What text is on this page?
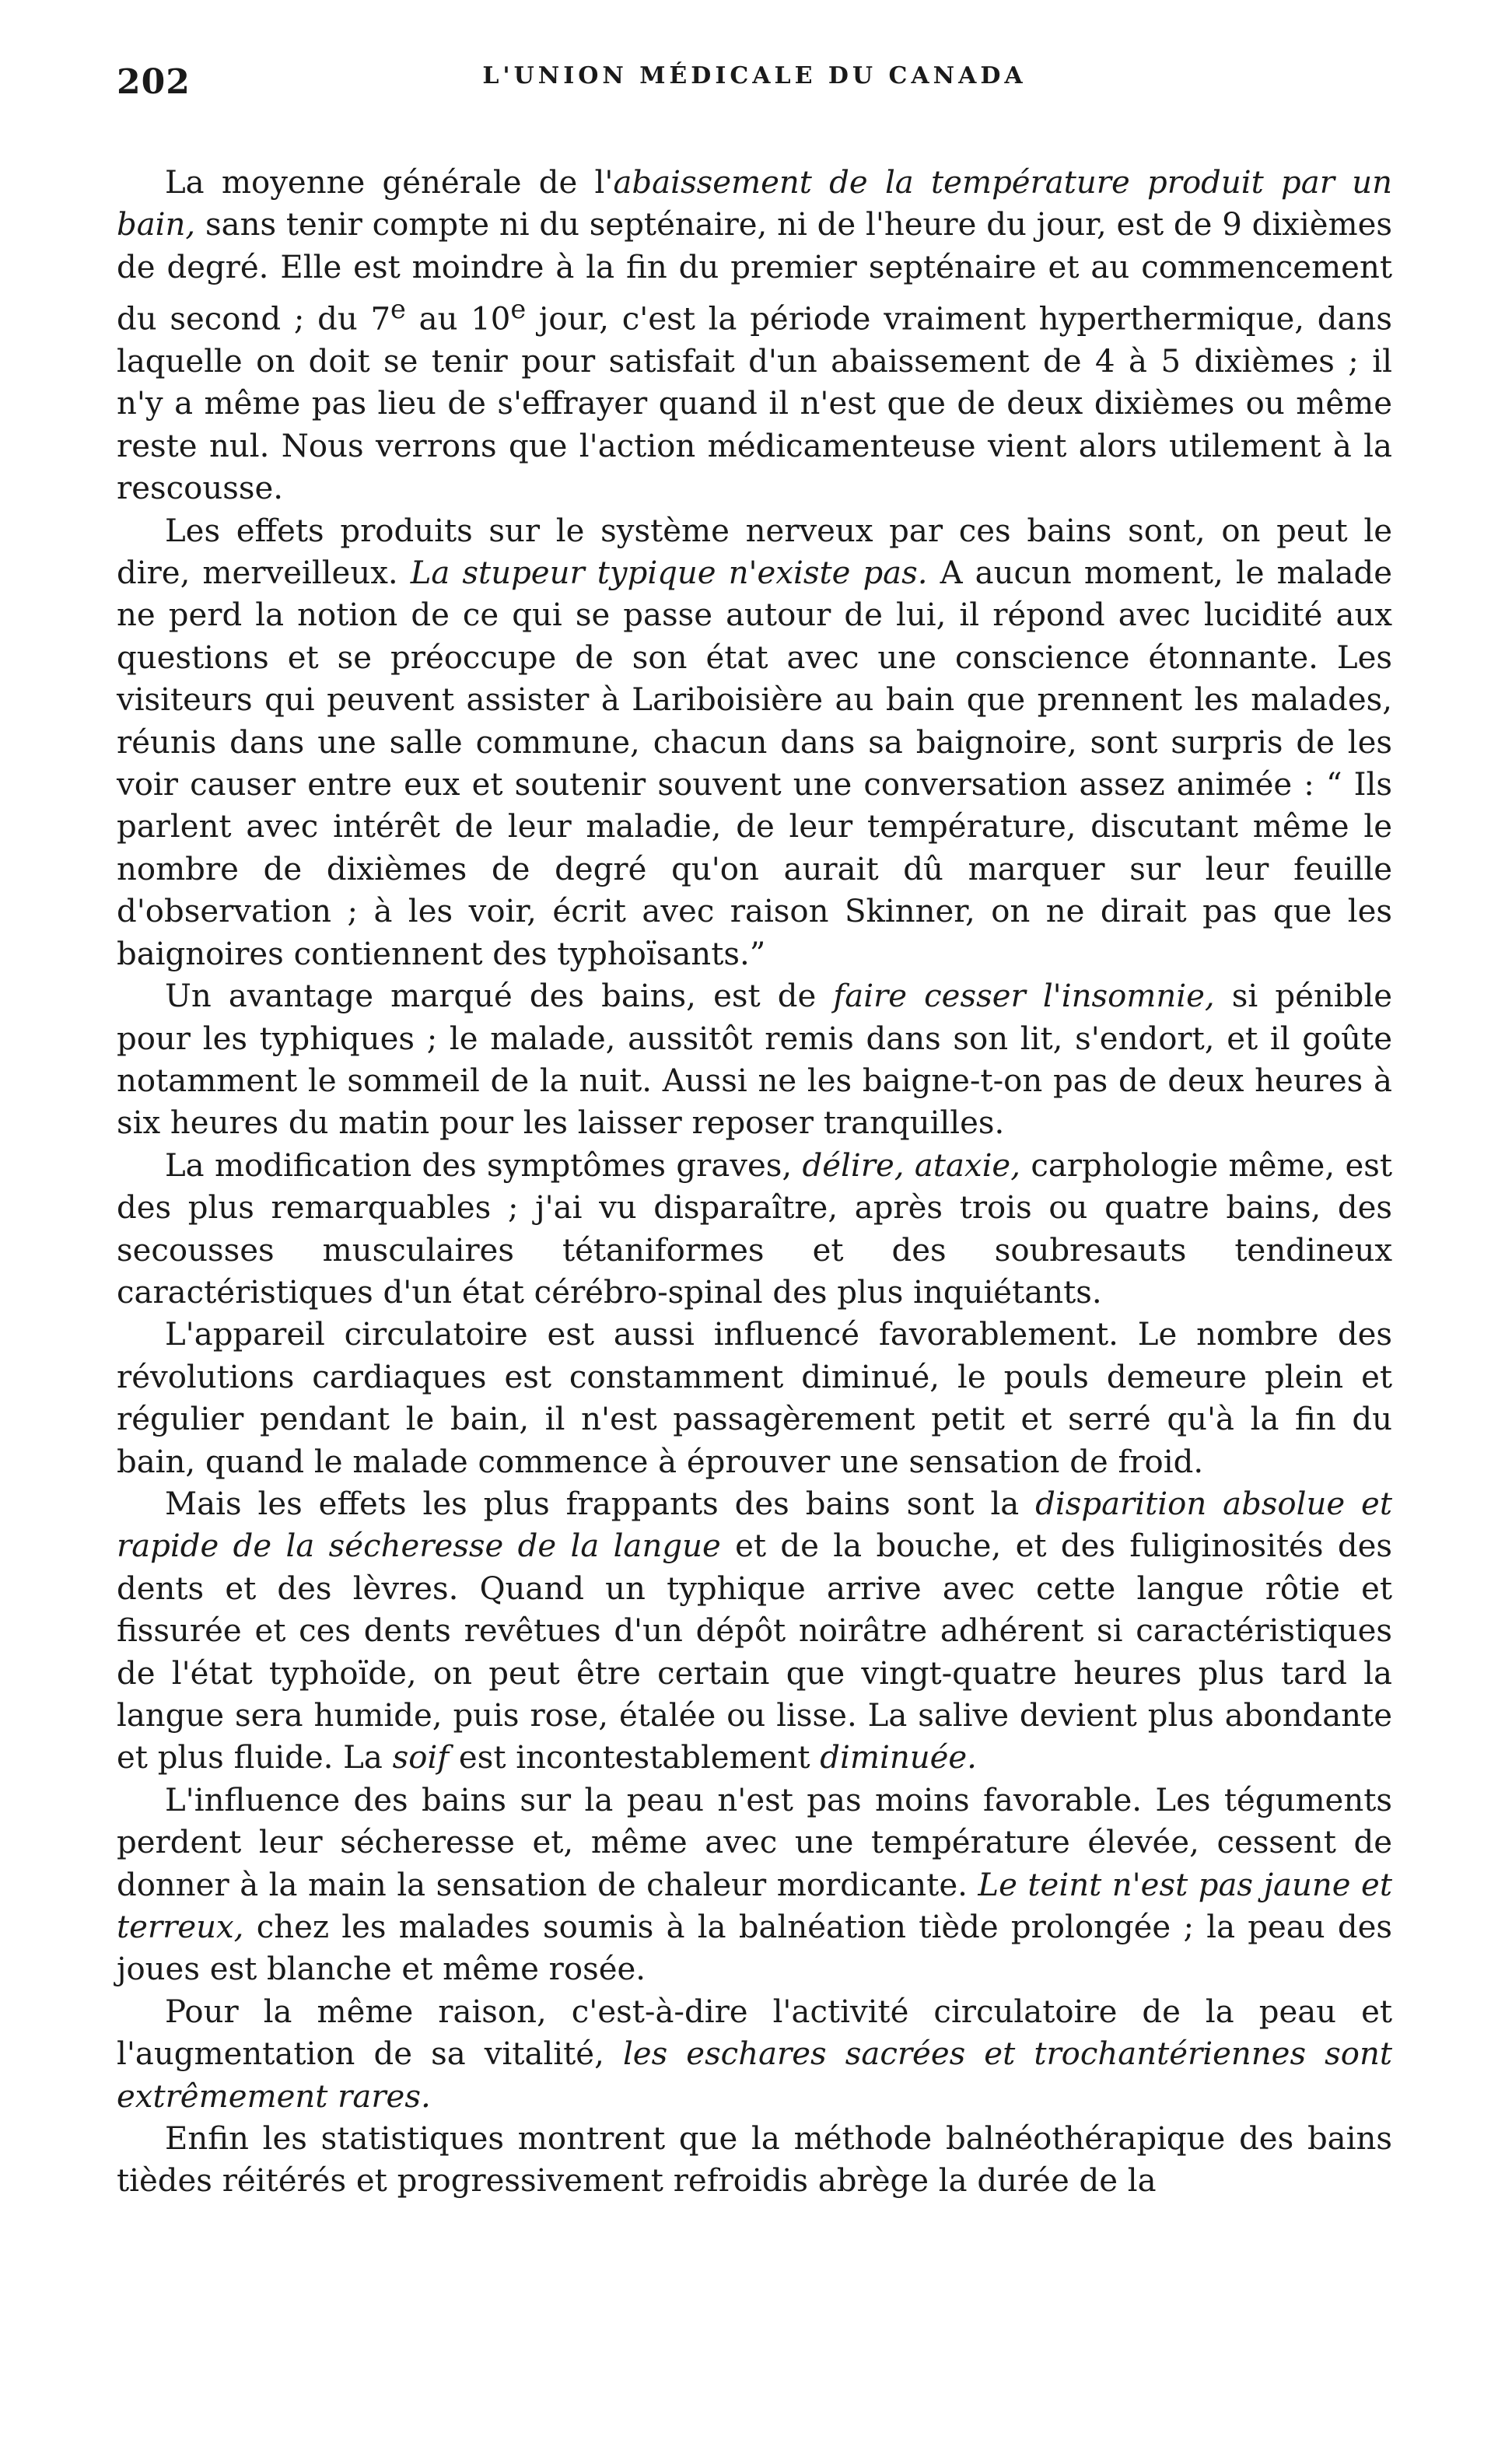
202	L'UNION MÉDICALE DU CANADA

La moyenne générale de l'abaissement de la température produit par un bain, sans tenir compte ni du septénaire, ni de l'heure du jour, est de 9 dixièmes de degré. Elle est moindre à la fin du premier septénaire et au commencement du second ; du 7e au 10e jour, c'est la période vraiment hyperthermique, dans laquelle on doit se tenir pour satisfait d'un abaissement de 4 à 5 dixièmes ; il n'y a même pas lieu de s'effrayer quand il n'est que de deux dixièmes ou même reste nul. Nous verrons que l'action médicamenteuse vient alors utilement à la rescousse.

Les effets produits sur le système nerveux par ces bains sont, on peut le dire, merveilleux. La stupeur typique n'existe pas. A aucun moment, le malade ne perd la notion de ce qui se passe autour de lui, il répond avec lucidité aux questions et se préoccupe de son état avec une conscience étonnante. Les visiteurs qui peuvent assister à Lariboisière au bain que prennent les malades, réunis dans une salle commune, chacun dans sa baignoire, sont surpris de les voir causer entre eux et soutenir souvent une conversation assez animée : “ Ils parlent avec intérêt de leur maladie, de leur température, discutant même le nombre de dixièmes de degré qu'on aurait dû marquer sur leur feuille d'observation ; à les voir, écrit avec raison Skinner, on ne dirait pas que les baignoires contiennent des typhoïsants.”

Un avantage marqué des bains, est de faire cesser l'insomnie, si pénible pour les typhiques ; le malade, aussitôt remis dans son lit, s'endort, et il goûte notamment le sommeil de la nuit. Aussi ne les baigne-t-on pas de deux heures à six heures du matin pour les laisser reposer tranquilles.

La modification des symptômes graves, délire, ataxie, carphologie même, est des plus remarquables ; j'ai vu disparaître, après trois ou quatre bains, des secousses musculaires tétaniformes et des soubresauts tendineux caractéristiques d'un état cérébro-spinal des plus inquiétants.

L'appareil circulatoire est aussi influencé favorablement. Le nombre des révolutions cardiaques est constamment diminué, le pouls demeure plein et régulier pendant le bain, il n'est passagèrement petit et serré qu'à la fin du bain, quand le malade commence à éprouver une sensation de froid.

Mais les effets les plus frappants des bains sont la disparition absolue et rapide de la sécheresse de la langue et de la bouche, et des fuliginosités des dents et des lèvres. Quand un typhique arrive avec cette langue rôtie et fissurée et ces dents revêtues d'un dépôt noirâtre adhérent si caractéristiques de l'état typhoïde, on peut être certain que vingt-quatre heures plus tard la langue sera humide, puis rose, étalée ou lisse. La salive devient plus abondante et plus fluide. La soif est incontestablement diminuée.

L'influence des bains sur la peau n'est pas moins favorable. Les téguments perdent leur sécheresse et, même avec une température élevée, cessent de donner à la main la sensation de chaleur mordicante. Le teint n'est pas jaune et terreux, chez les malades soumis à la balnéation tiède prolongée ; la peau des joues est blanche et même rosée.

Pour la même raison, c'est-à-dire l'activité circulatoire de la peau et l'augmentation de sa vitalité, les eschares sacrées et trochantériennes sont extrêmement rares.

Enfin les statistiques montrent que la méthode balnéothérapique des bains tièdes réitérés et progressivement refroidis abrège la durée de la
